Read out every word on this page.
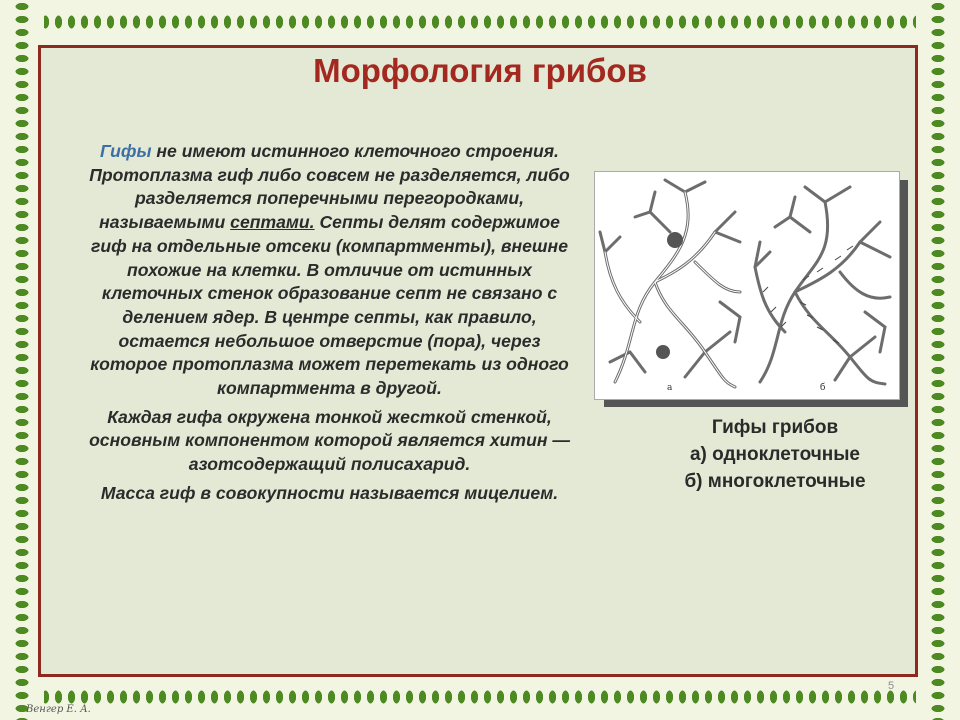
Морфология грибов

Гифы не имеют истинного клеточного строения. Протоплазма гиф либо совсем не разделяется, либо разделяется поперечными перегородками, называемыми септами. Септы делят содержимое гиф на отдельные отсеки (компартменты), внешне похожие на клетки. В отличие от истинных клеточных стенок образование септ не связано с делением ядер. В центре септы, как правило, остается небольшое отверстие (пора), через которое протоплазма может перетекать из одного компартмента в другой.

Каждая гифа окружена тонкой жесткой стенкой, основным компонентом которой является хитин — азотсодержащий полисахарид.

Масса гиф в совокупности называется мицелием.

а	б
Гифы грибов
а) одноклеточные
б) многоклеточные
5
Венгер Е. А.
